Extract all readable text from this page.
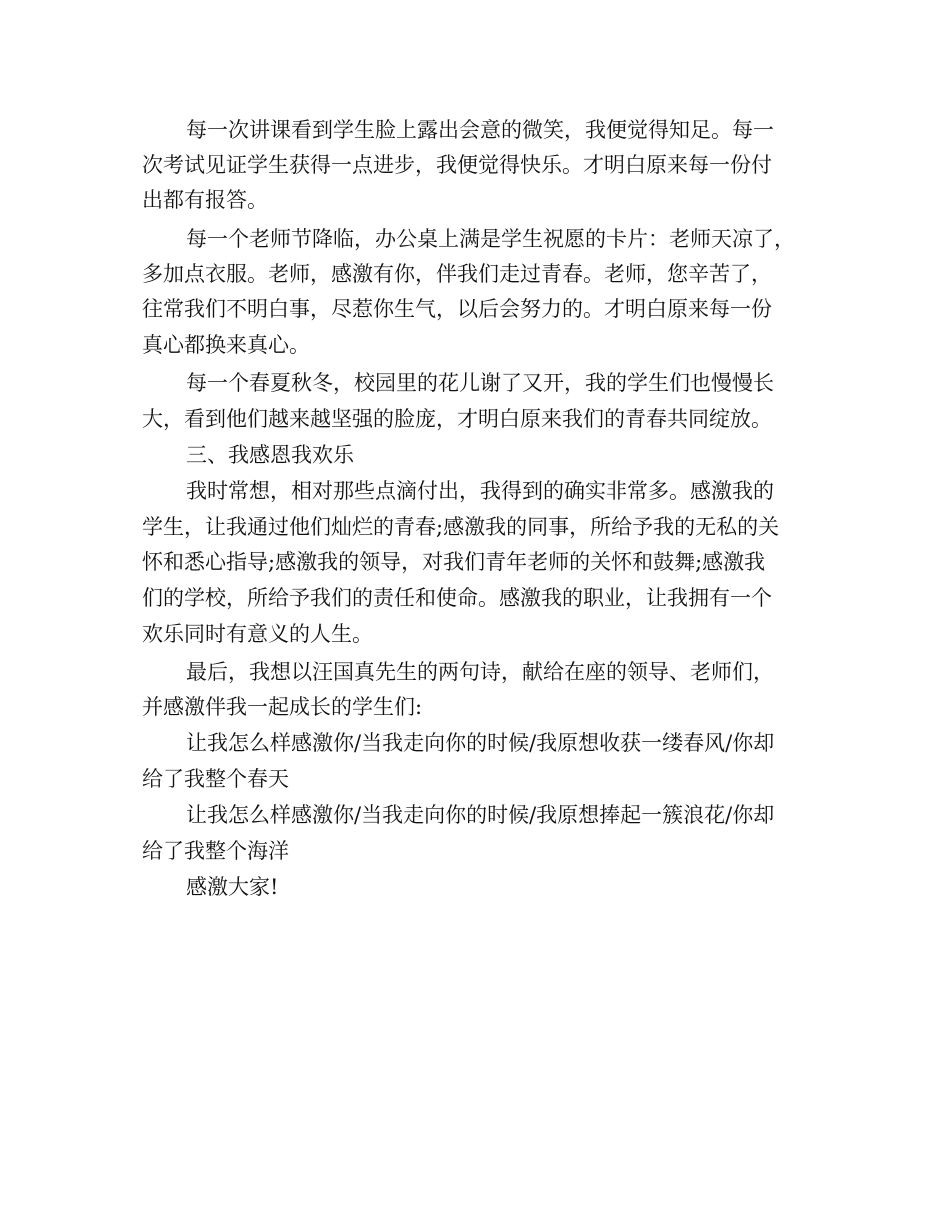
每一次讲课看到学生脸上露出会意的微笑，我便觉得知足。每一
次考试见证学生获得一点进步，我便觉得快乐。才明白原来每一份付
出都有报答。
每一个老师节降临，办公桌上满是学生祝愿的卡片：老师天凉了，
多加点衣服。老师，感激有你，伴我们走过青春。老师，您辛苦了，
往常我们不明白事，尽惹你生气，以后会努力的。才明白原来每一份
真心都换来真心。
每一个春夏秋冬，校园里的花儿谢了又开，我的学生们也慢慢长
大，看到他们越来越坚强的脸庞，才明白原来我们的青春共同绽放。
三、我感恩我欢乐
我时常想，相对那些点滴付出，我得到的确实非常多。感激我的
学生，让我通过他们灿烂的青春;感激我的同事，所给予我的无私的关
怀和悉心指导;感激我的领导，对我们青年老师的关怀和鼓舞;感激我
们的学校，所给予我们的责任和使命。感激我的职业，让我拥有一个
欢乐同时有意义的人生。
最后，我想以汪国真先生的两句诗，献给在座的领导、老师们，
并感激伴我一起成长的学生们:
让我怎么样感激你/当我走向你的时候/我原想收获一缕春风/你却
给了我整个春天
让我怎么样感激你/当我走向你的时候/我原想捧起一簇浪花/你却
给了我整个海洋
感激大家!
